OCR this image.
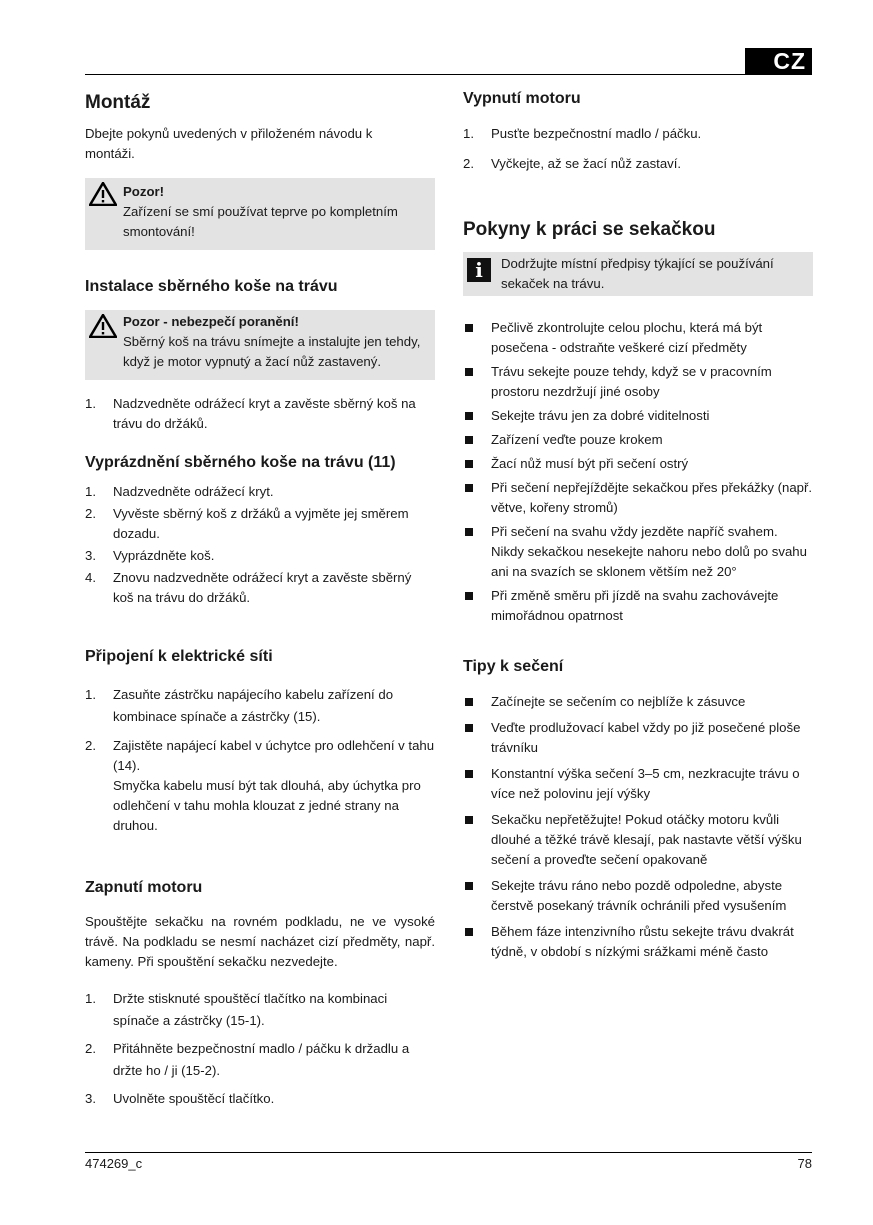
CZ
474269_c	78
Montáž

Dbejte pokynů uvedených v přiloženém návodu k montáži.

Pozor!
Zařízení se smí používat teprve po kompletním smontování!
Instalace sběrného koše na trávu
Pozor - nebezpečí poranění!
Sběrný koš na trávu snímejte a instalujte jen tehdy, když je motor vypnutý a žací nůž zastavený.
1. Nadzvedněte odrážecí kryt a zavěste sběrný koš na trávu do držáků.
Vyprázdnění sběrného koše na trávu (11)
1. Nadzvedněte odrážecí kryt.
2. Vyvěste sběrný koš z držáků a vyjměte jej směrem dozadu.
3. Vyprázdněte koš.
4. Znovu nadzvedněte odrážecí kryt a zavěste sběrný koš na trávu do držáků.
Připojení k elektrické síti
1. Zasuňte zástrčku napájecího kabelu zařízení do kombinace spínače a zástrčky (15).
2. Zajistěte napájecí kabel v úchytce pro odlehčení v tahu (14).
Smyčka kabelu musí být tak dlouhá, aby úchytka pro odlehčení v tahu mohla klouzat z jedné strany na druhou.
Zapnutí motoru

Spouštějte sekačku na rovném podkladu, ne ve vysoké trávě. Na podkladu se nesmí nacházet cizí předměty, např. kameny. Při spouštění sekačku nezvedejte.

1. Držte stisknuté spouštěcí tlačítko na kombinaci spínače a zástrčky (15-1).
2. Přitáhněte bezpečnostní madlo / páčku k držadlu a držte ho / ji (15-2).
3. Uvolněte spouštěcí tlačítko.
Vypnutí motoru
1. Pusťte bezpečnostní madlo / páčku.
2. Vyčkejte, až se žací nůž zastaví.
Pokyny k práci se sekačkou
i	Dodržujte místní předpisy týkající se používání sekaček na trávu.
Pečlivě zkontrolujte celou plochu, která má být posečena - odstraňte veškeré cizí předměty
Trávu sekejte pouze tehdy, když se v pracovním prostoru nezdržují jiné osoby
Sekejte trávu jen za dobré viditelnosti
Zařízení veďte pouze krokem
Žací nůž musí být při sečení ostrý
Při sečení nepřejíždějte sekačkou přes překážky (např. větve, kořeny stromů)
Při sečení na svahu vždy jezděte napříč svahem. Nikdy sekačkou nesekejte nahoru nebo dolů po svahu ani na svazích se sklonem větším než 20°
Při změně směru při jízdě na svahu zachovávejte mimořádnou opatrnost
Tipy k sečení
Začínejte se sečením co nejblíže k zásuvce
Veďte prodlužovací kabel vždy po již posečené ploše trávníku
Konstantní výška sečení 3–5 cm, nezkracujte trávu o více než polovinu její výšky
Sekačku nepřetěžujte! Pokud otáčky motoru kvůli dlouhé a těžké trávě klesají, pak nastavte větší výšku sečení a proveďte sečení opakovaně
Sekejte trávu ráno nebo pozdě odpoledne, abyste čerstvě posekaný trávník ochránili před vysušením
Během fáze intenzivního růstu sekejte trávu dvakrát týdně, v období s nízkými srážkami méně často
